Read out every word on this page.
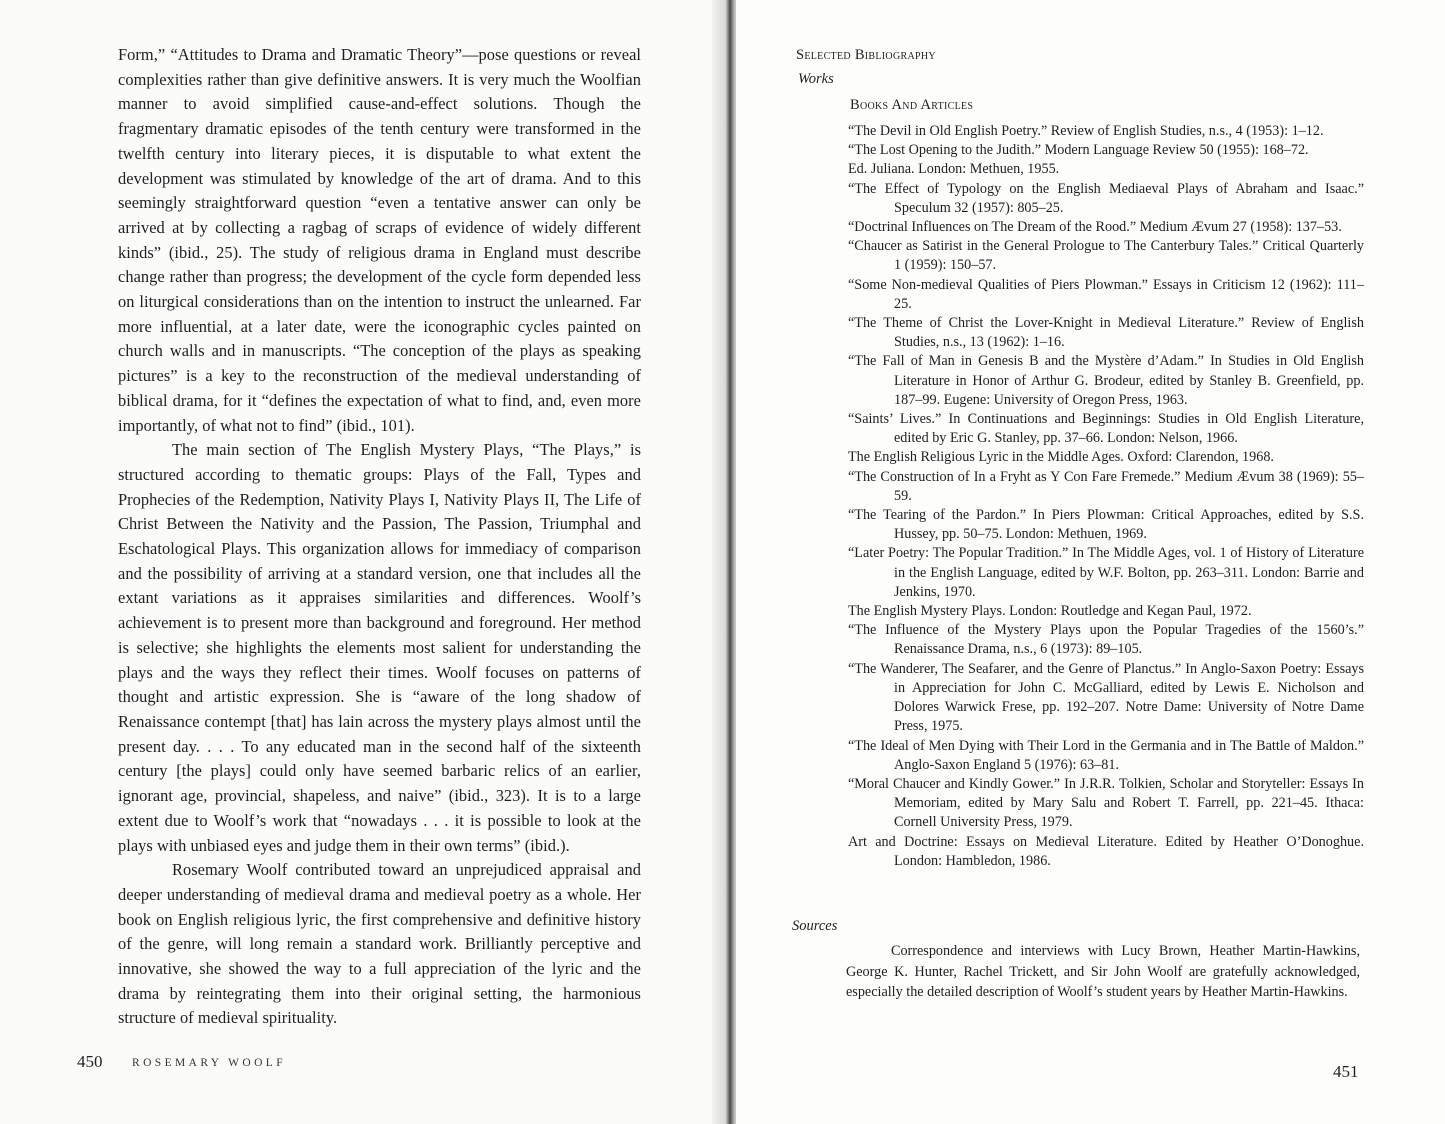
Form,” “Attitudes to Drama and Dramatic Theory”—pose questions or reveal complexities rather than give definitive answers. It is very much the Woolfian manner to avoid simplified cause-and-effect solutions. Though the fragmentary dramatic episodes of the tenth century were transformed in the twelfth century into literary pieces, it is disputable to what extent the development was stimulated by knowledge of the art of drama. And to this seemingly straightforward question “even a tentative answer can only be arrived at by collecting a ragbag of scraps of evidence of widely different kinds” (ibid., 25). The study of religious drama in England must describe change rather than progress; the development of the cycle form depended less on liturgical considerations than on the intention to instruct the unlearned. Far more influential, at a later date, were the iconographic cycles painted on church walls and in manuscripts. “The conception of the plays as speaking pictures” is a key to the reconstruction of the medieval understanding of biblical drama, for it “defines the expectation of what to find, and, even more importantly, of what not to find” (ibid., 101).

The main section of The English Mystery Plays, “The Plays,” is structured according to thematic groups: Plays of the Fall, Types and Prophecies of the Redemption, Nativity Plays I, Nativity Plays II, The Life of Christ Between the Nativity and the Passion, The Passion, Triumphal and Eschatological Plays. This organization allows for immediacy of comparison and the possibility of arriving at a standard version, one that includes all the extant variations as it appraises similarities and differences. Woolf’s achievement is to present more than background and foreground. Her method is selective; she highlights the elements most salient for understanding the plays and the ways they reflect their times. Woolf focuses on patterns of thought and artistic expression. She is “aware of the long shadow of Renaissance contempt [that] has lain across the mystery plays almost until the present day. . . . To any educated man in the second half of the sixteenth century [the plays] could only have seemed barbaric relics of an earlier, ignorant age, provincial, shapeless, and naive” (ibid., 323). It is to a large extent due to Woolf’s work that “nowadays . . . it is possible to look at the plays with unbiased eyes and judge them in their own terms” (ibid.).

Rosemary Woolf contributed toward an unprejudiced appraisal and deeper understanding of medieval drama and medieval poetry as a whole. Her book on English religious lyric, the first comprehensive and definitive history of the genre, will long remain a standard work. Brilliantly perceptive and innovative, she showed the way to a full appreciation of the lyric and the drama by reintegrating them into their original setting, the harmonious structure of medieval spirituality.

450	ROSEMARY WOOLF
Selected Bibliography
Works
Books And Articles

“The Devil in Old English Poetry.” Review of English Studies, n.s., 4 (1953): 1–12.

“The Lost Opening to the Judith.” Modern Language Review 50 (1955): 168–72.

Ed. Juliana. London: Methuen, 1955.

“The Effect of Typology on the English Mediaeval Plays of Abraham and Isaac.” Speculum 32 (1957): 805–25.

“Doctrinal Influences on The Dream of the Rood.” Medium Ævum 27 (1958): 137–53.

“Chaucer as Satirist in the General Prologue to The Canterbury Tales.” Critical Quarterly 1 (1959): 150–57.

“Some Non-medieval Qualities of Piers Plowman.” Essays in Criticism 12 (1962): 111–25.

“The Theme of Christ the Lover-Knight in Medieval Literature.” Review of English Studies, n.s., 13 (1962): 1–16.

“The Fall of Man in Genesis B and the Mystère d’Adam.” In Studies in Old English Literature in Honor of Arthur G. Brodeur, edited by Stanley B. Greenfield, pp. 187–99. Eugene: University of Oregon Press, 1963.

“Saints’ Lives.” In Continuations and Beginnings: Studies in Old English Literature, edited by Eric G. Stanley, pp. 37–66. London: Nelson, 1966.

The English Religious Lyric in the Middle Ages. Oxford: Clarendon, 1968.

“The Construction of In a Fryht as Y Con Fare Fremede.” Medium Ævum 38 (1969): 55–59.

“The Tearing of the Pardon.” In Piers Plowman: Critical Approaches, edited by S.S. Hussey, pp. 50–75. London: Methuen, 1969.

“Later Poetry: The Popular Tradition.” In The Middle Ages, vol. 1 of History of Literature in the English Language, edited by W.F. Bolton, pp. 263–311. London: Barrie and Jenkins, 1970.

The English Mystery Plays. London: Routledge and Kegan Paul, 1972.

“The Influence of the Mystery Plays upon the Popular Tragedies of the 1560’s.” Renaissance Drama, n.s., 6 (1973): 89–105.

“The Wanderer, The Seafarer, and the Genre of Planctus.” In Anglo-Saxon Poetry: Essays in Appreciation for John C. McGalliard, edited by Lewis E. Nicholson and Dolores Warwick Frese, pp. 192–207. Notre Dame: University of Notre Dame Press, 1975.

“The Ideal of Men Dying with Their Lord in the Germania and in The Battle of Maldon.” Anglo-Saxon England 5 (1976): 63–81.

“Moral Chaucer and Kindly Gower.” In J.R.R. Tolkien, Scholar and Storyteller: Essays In Memoriam, edited by Mary Salu and Robert T. Farrell, pp. 221–45. Ithaca: Cornell University Press, 1979.

Art and Doctrine: Essays on Medieval Literature. Edited by Heather O’Donoghue. London: Hambledon, 1986.

Sources

Correspondence and interviews with Lucy Brown, Heather Martin-Hawkins, George K. Hunter, Rachel Trickett, and Sir John Woolf are gratefully acknowledged, especially the detailed description of Woolf’s student years by Heather Martin-Hawkins.

451
